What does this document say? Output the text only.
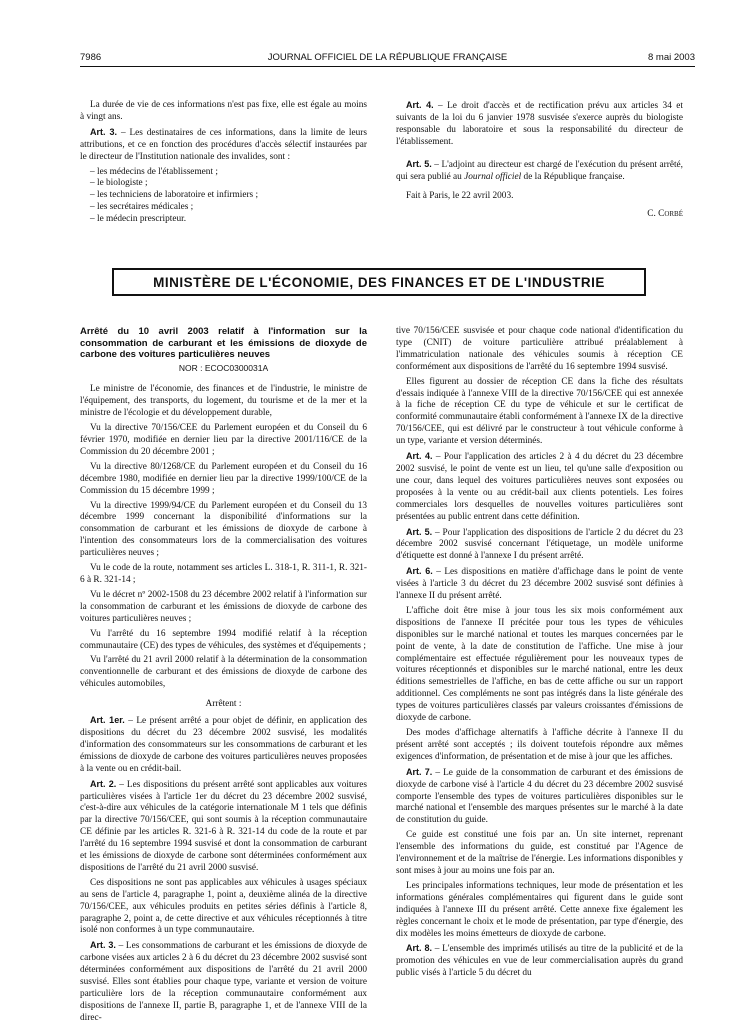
7986	JOURNAL OFFICIEL DE LA RÉPUBLIQUE FRANÇAISE	8 mai 2003

La durée de vie de ces informations n'est pas fixe, elle est égale au moins à vingt ans.

Art. 3. – Les destinataires de ces informations, dans la limite de leurs attributions, et ce en fonction des procédures d'accès sélectif instaurées par le directeur de l'Institution nationale des invalides, sont :

– les médecins de l'établissement ;
– le biologiste ;
– les techniciens de laboratoire et infirmiers ;
– les secrétaires médicales ;
– le médecin prescripteur.

Art. 4. – Le droit d'accès et de rectification prévu aux articles 34 et suivants de la loi du 6 janvier 1978 susvisée s'exerce auprès du biologiste responsable du laboratoire et sous la responsabilité du directeur de l'établissement.

Art. 5. – L'adjoint au directeur est chargé de l'exécution du présent arrêté, qui sera publié au Journal officiel de la République française.

Fait à Paris, le 22 avril 2003.

C. Corbé

MINISTÈRE DE L'ÉCONOMIE, DES FINANCES ET DE L'INDUSTRIE
Arrêté du 10 avril 2003 relatif à l'information sur la consommation de carburant et les émissions de dioxyde de carbone des voitures particulières neuves
NOR : ECOC0300031A

Le ministre de l'économie, des finances et de l'industrie, le ministre de l'équipement, des transports, du logement, du tourisme et de la mer et la ministre de l'écologie et du développement durable,

Vu la directive 70/156/CEE du Parlement européen et du Conseil du 6 février 1970, modifiée en dernier lieu par la directive 2001/116/CE de la Commission du 20 décembre 2001 ;

Vu la directive 80/1268/CE du Parlement européen et du Conseil du 16 décembre 1980, modifiée en dernier lieu par la directive 1999/100/CE de la Commission du 15 décembre 1999 ;

Vu la directive 1999/94/CE du Parlement européen et du Conseil du 13 décembre 1999 concernant la disponibilité d'informations sur la consommation de carburant et les émissions de dioxyde de carbone à l'intention des consommateurs lors de la commercialisation des voitures particulières neuves ;

Vu le code de la route, notamment ses articles L. 318-1, R. 311-1, R. 321-6 à R. 321-14 ;

Vu le décret nº 2002-1508 du 23 décembre 2002 relatif à l'information sur la consommation de carburant et les émissions de dioxyde de carbone des voitures particulières neuves ;

Vu l'arrêté du 16 septembre 1994 modifié relatif à la réception communautaire (CE) des types de véhicules, des systèmes et d'équipements ;

Vu l'arrêté du 21 avril 2000 relatif à la détermination de la consommation conventionnelle de carburant et des émissions de dioxyde de carbone des véhicules automobiles,

Arrêtent :

Art. 1er. – Le présent arrêté a pour objet de définir, en application des dispositions du décret du 23 décembre 2002 susvisé, les modalités d'information des consommateurs sur les consommations de carburant et les émissions de dioxyde de carbone des voitures particulières neuves proposées à la vente ou en crédit-bail.

Art. 2. – Les dispositions du présent arrêté sont applicables aux voitures particulières visées à l'article 1er du décret du 23 décembre 2002 susvisé, c'est-à-dire aux véhicules de la catégorie internationale M 1 tels que définis par la directive 70/156/CEE, qui sont soumis à la réception communautaire CE définie par les articles R. 321-6 à R. 321-14 du code de la route et par l'arrêté du 16 septembre 1994 susvisé et dont la consommation de carburant et les émissions de dioxyde de carbone sont déterminées conformément aux dispositions de l'arrêté du 21 avril 2000 susvisé.

Ces dispositions ne sont pas applicables aux véhicules à usages spéciaux au sens de l'article 4, paragraphe 1, point a, deuxième alinéa de la directive 70/156/CEE, aux véhicules produits en petites séries définis à l'article 8, paragraphe 2, point a, de cette directive et aux véhicules réceptionnés à titre isolé non conformes à un type communautaire.

Art. 3. – Les consommations de carburant et les émissions de dioxyde de carbone visées aux articles 2 à 6 du décret du 23 décembre 2002 susvisé sont déterminées conformément aux dispositions de l'arrêté du 21 avril 2000 susvisé. Elles sont établies pour chaque type, variante et version de voiture particulière lors de la réception communautaire conformément aux dispositions de l'annexe II, partie B, paragraphe 1, et de l'annexe VIII de la direc-

tive 70/156/CEE susvisée et pour chaque code national d'identification du type (CNIT) de voiture particulière attribué préalablement à l'immatriculation nationale des véhicules soumis à réception CE conformément aux dispositions de l'arrêté du 16 septembre 1994 susvisé.

Elles figurent au dossier de réception CE dans la fiche des résultats d'essais indiquée à l'annexe VIII de la directive 70/156/CEE qui est annexée à la fiche de réception CE du type de véhicule et sur le certificat de conformité communautaire établi conformément à l'annexe IX de la directive 70/156/CEE, qui est délivré par le constructeur à tout véhicule conforme à un type, variante et version déterminés.

Art. 4. – Pour l'application des articles 2 à 4 du décret du 23 décembre 2002 susvisé, le point de vente est un lieu, tel qu'une salle d'exposition ou une cour, dans lequel des voitures particulières neuves sont exposées ou proposées à la vente ou au crédit-bail aux clients potentiels. Les foires commerciales lors desquelles de nouvelles voitures particulières sont présentées au public entrent dans cette définition.

Art. 5. – Pour l'application des dispositions de l'article 2 du décret du 23 décembre 2002 susvisé concernant l'étiquetage, un modèle uniforme d'étiquette est donné à l'annexe I du présent arrêté.

Art. 6. – Les dispositions en matière d'affichage dans le point de vente visées à l'article 3 du décret du 23 décembre 2002 susvisé sont définies à l'annexe II du présent arrêté.

L'affiche doit être mise à jour tous les six mois conformément aux dispositions de l'annexe II précitée pour tous les types de véhicules disponibles sur le marché national et toutes les marques concernées par le point de vente, à la date de constitution de l'affiche. Une mise à jour complémentaire est effectuée régulièrement pour les nouveaux types de voitures réceptionnés et disponibles sur le marché national, entre les deux éditions semestrielles de l'affiche, en bas de cette affiche ou sur un rapport additionnel. Ces compléments ne sont pas intégrés dans la liste générale des types de voitures particulières classés par valeurs croissantes d'émissions de dioxyde de carbone.

Des modes d'affichage alternatifs à l'affiche décrite à l'annexe II du présent arrêté sont acceptés ; ils doivent toutefois répondre aux mêmes exigences d'information, de présentation et de mise à jour que les affiches.

Art. 7. – Le guide de la consommation de carburant et des émissions de dioxyde de carbone visé à l'article 4 du décret du 23 décembre 2002 susvisé comporte l'ensemble des types de voitures particulières disponibles sur le marché national et l'ensemble des marques présentes sur le marché à la date de constitution du guide.

Ce guide est constitué une fois par an. Un site internet, reprenant l'ensemble des informations du guide, est constitué par l'Agence de l'environnement et de la maîtrise de l'énergie. Les informations disponibles y sont mises à jour au moins une fois par an.

Les principales informations techniques, leur mode de présentation et les informations générales complémentaires qui figurent dans le guide sont indiquées à l'annexe III du présent arrêté. Cette annexe fixe également les règles concernant le choix et le mode de présentation, par type d'énergie, des dix modèles les moins émetteurs de dioxyde de carbone.

Art. 8. – L'ensemble des imprimés utilisés au titre de la publicité et de la promotion des véhicules en vue de leur commercialisation auprès du grand public visés à l'article 5 du décret du
